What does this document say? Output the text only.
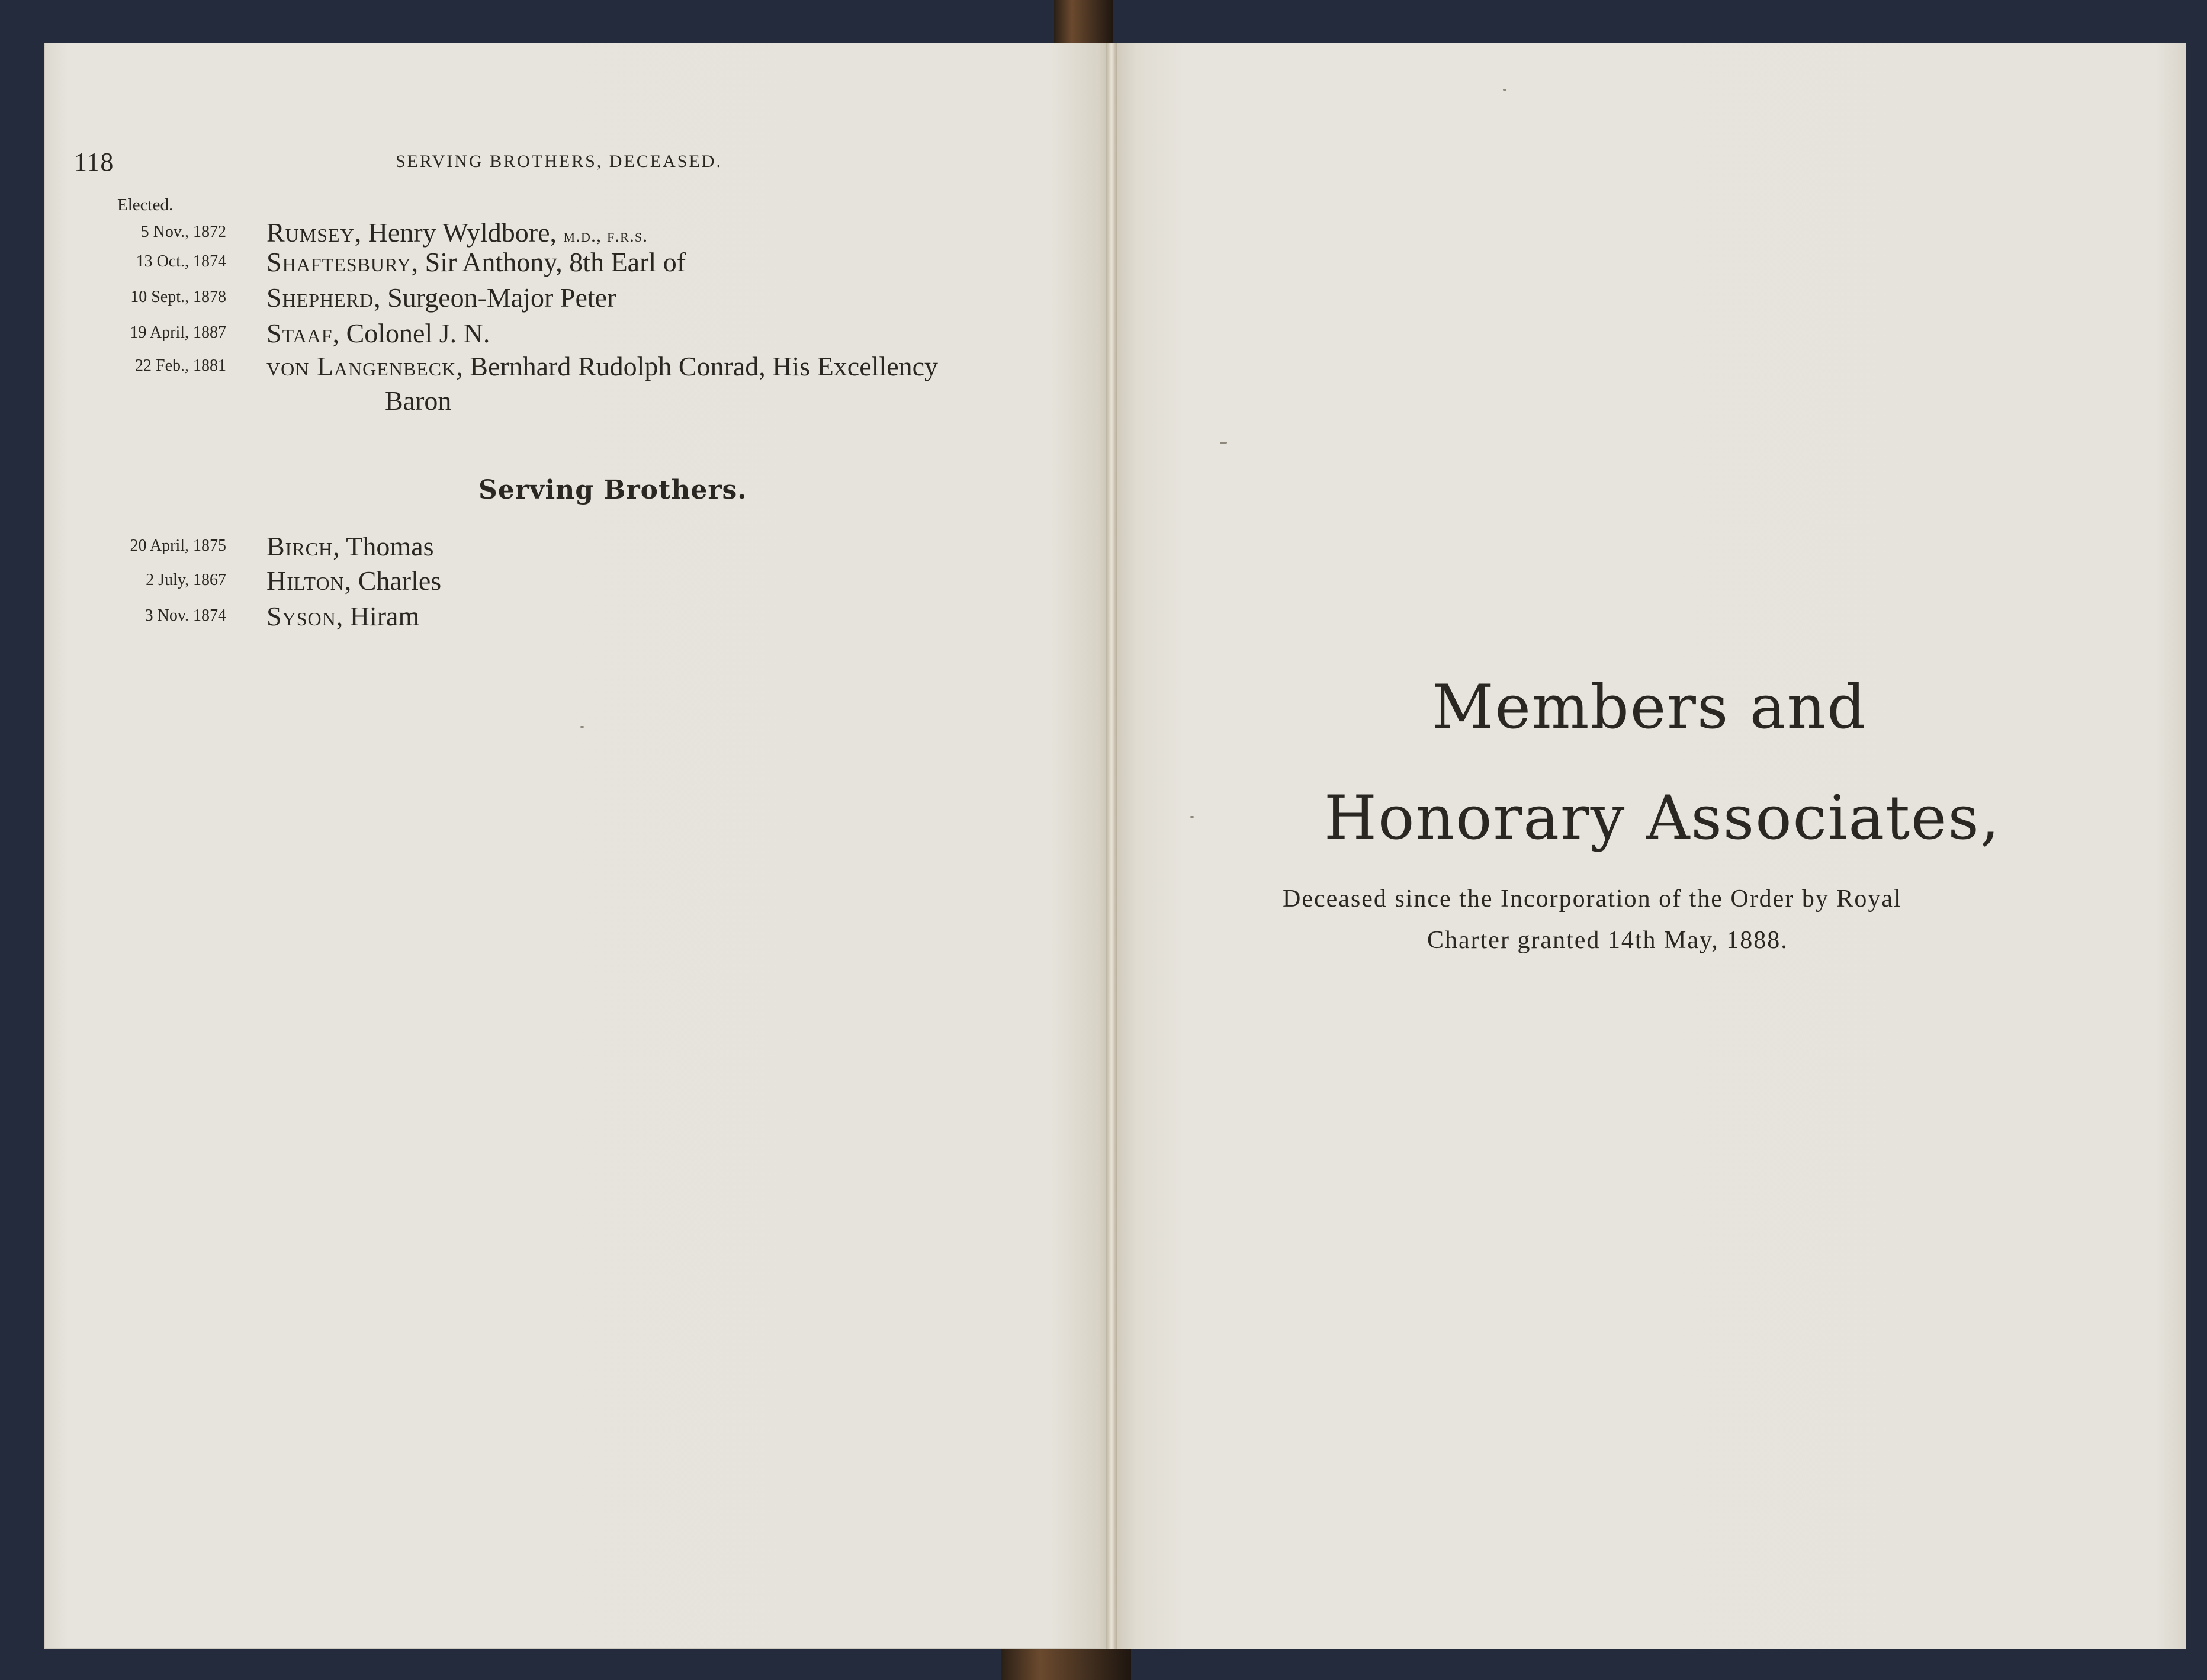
118	SERVING BROTHERS, DECEASED.
Elected.
5 Nov., 1872 Rumsey, Henry Wyldbore, m.d., f.r.s.
13 Oct., 1874 Shaftesbury, Sir Anthony, 8th Earl of
10 Sept., 1878 Shepherd, Surgeon-Major Peter
19 April, 1887 Staaf, Colonel J. N.
22 Feb., 1881 von Langenbeck, Bernhard Rudolph Conrad, His Excellency
Baron
Serving Brothers.
20 April, 1875 Birch, Thomas
2 July, 1867 Hilton, Charles
3 Nov. 1874 Syson, Hiram
Members and
Honorary Associates,
Deceased since the Incorporation of the Order by Royal
Charter granted 14th May, 1888.
